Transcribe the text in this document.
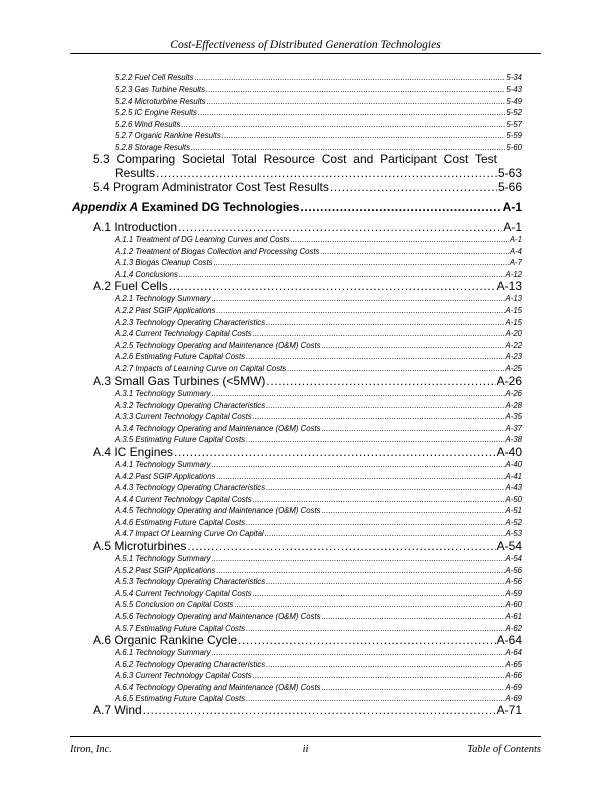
Cost-Effectiveness of Distributed Generation Technologies
5.2.2 Fuel Cell Results .....	5-34
5.2.3 Gas Turbine Results .....	5-43
5.2.4 Microturbine Results .....	5-49
5.2.5 IC Engine Results .....	5-52
5.2.6 Wind Results .....	5-57
5.2.7 Organic Rankine Results .....	5-59
5.2.8 Storage Results .....	5-60
5.3 Comparing Societal Total Resource Cost and Participant Cost Test
Results .....	5-63
5.4 Program Administrator Cost Test Results .....	5-66
Appendix A Examined DG Technologies .....	A-1
A.1 Introduction .....	A-1
A.1.1 Treatment of DG Learning Curves and Costs .....	A-1
A.1.2 Treatment of Biogas Collection and Processing Costs .....	A-4
A.1.3 Biogas Cleanup Costs .....	A-7
A.1.4 Conclusions .....	A-12
A.2 Fuel Cells .....	A-13
A.2.1 Technology Summary .....	A-13
A.2.2 Past SGIP Applications .....	A-15
A.2.3 Technology Operating Characteristics .....	A-15
A.2.4 Current Technology Capital Costs .....	A-20
A.2.5 Technology Operating and Maintenance (O&M) Costs .....	A-22
A.2.6 Estimating Future Capital Costs .....	A-23
A.2.7 Impacts of Learning Curve on Capital Costs .....	A-25
A.3 Small Gas Turbines (<5MW) .....	A-26
A.3.1 Technology Summary .....	A-26
A.3.2 Technology Operating Characteristics .....	A-28
A.3.3 Current Technology Capital Costs .....	A-35
A.3.4 Technology Operating and Maintenance (O&M) Costs .....	A-37
A.3.5 Estimating Future Capital Costs .....	A-38
A.4 IC Engines .....	A-40
A.4.1 Technology Summary .....	A-40
A.4.2 Past SGIP Applications .....	A-41
A.4.3 Technology Operating Characteristics .....	A-43
A.4.4 Current Technology Capital Costs .....	A-50
A.4.5 Technology Operating and Maintenance (O&M) Costs .....	A-51
A.4.6 Estimating Future Capital Costs .....	A-52
A.4.7 Impact Of Learning Curve On Capital .....	A-53
A.5 Microturbines .....	A-54
A.5.1 Technology Summary .....	A-54
A.5.2 Past SGIP Applications .....	A-56
A.5.3 Technology Operating Characteristics .....	A-56
A.5.4 Current Technology Capital Costs .....	A-59
A.5.5 Conclusion on Capital Costs .....	A-60
A.5.6 Technology Operating and Maintenance (O&M) Costs .....	A-61
A.5.7 Estimating Future Capital Costs .....	A-62
A.6 Organic Rankine Cycle .....	A-64
A.6.1 Technology Summary .....	A-64
A.6.2 Technology Operating Characteristics .....	A-65
A.6.3 Current Technology Capital Costs .....	A-66
A.6.4 Technology Operating and Maintenance (O&M) Costs .....	A-69
A.6.5 Estimating Future Capital Costs .....	A-69
A.7 Wind .....	A-71
Itron, Inc.	ii	Table of Contents
